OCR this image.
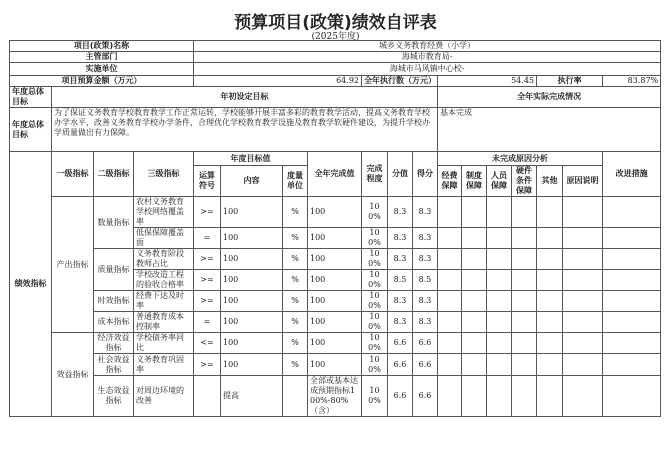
预算项目(政策)绩效自评表
(2025年度)
项目(政策)名称				城乡义务教育经费（小学）													
主管部门				海城市教育局-													
实施单位				海城市马风镇中心校-													
项目预算金额（万元）				64.92				全年执行数（万元）			54.45				执行率		83.87%
年度总体目标	年初设定目标										全年实际完成情况						
年度总体目标	为了保证义务教育学校教育教学工作正常运转，学校能够开展丰富多彩的教育教学活动，提高义务教育学校办学水平，改善义务教育学校办学条件，合理优化学校教育教学设施及教育教学软硬件建设，为提升学校办学质量做出有力保障。										基本完成						
绩效指标	一级指标	二级指标	三级指标	年度目标值			全年完成值	完成程度	分值	得分	未完成原因分析						改进措施
				运算符号	内容	度量单位					经费保障	制度保障	人员保障	硬件条件保障	其他	原因说明	

	产出指标	数量指标	农村义务教育学校网络覆盖率	>=	100	%	100	100%	8.3	8.3							

			低保保障覆盖面	=	100	%	100	100%	8.3	8.3							

		质量指标	义务教育阶段教师占比	>=	100	%	100	100%	8.3	8.3							

			学校改造工程的验收合格率	>=	100	%	100	100%	8.5	8.5							

		时效指标	经费下达及时率	>=	100	%	100	100%	8.3	8.3							

		成本指标	普通教育成本控制率	=	100	%	100	100%	8.3	8.3							

	效益指标	经济效益指标	学校债务率同比	<=	100	%	100	100%	6.6	6.6							

		社会效益指标	义务教育巩固率	>=	100	%	100	100%	6.6	6.6							

		生态效益指标	对周边环境的改善		提高		全部或基本达成预期指标100%-80%（含）	100%	6.6	6.6							
